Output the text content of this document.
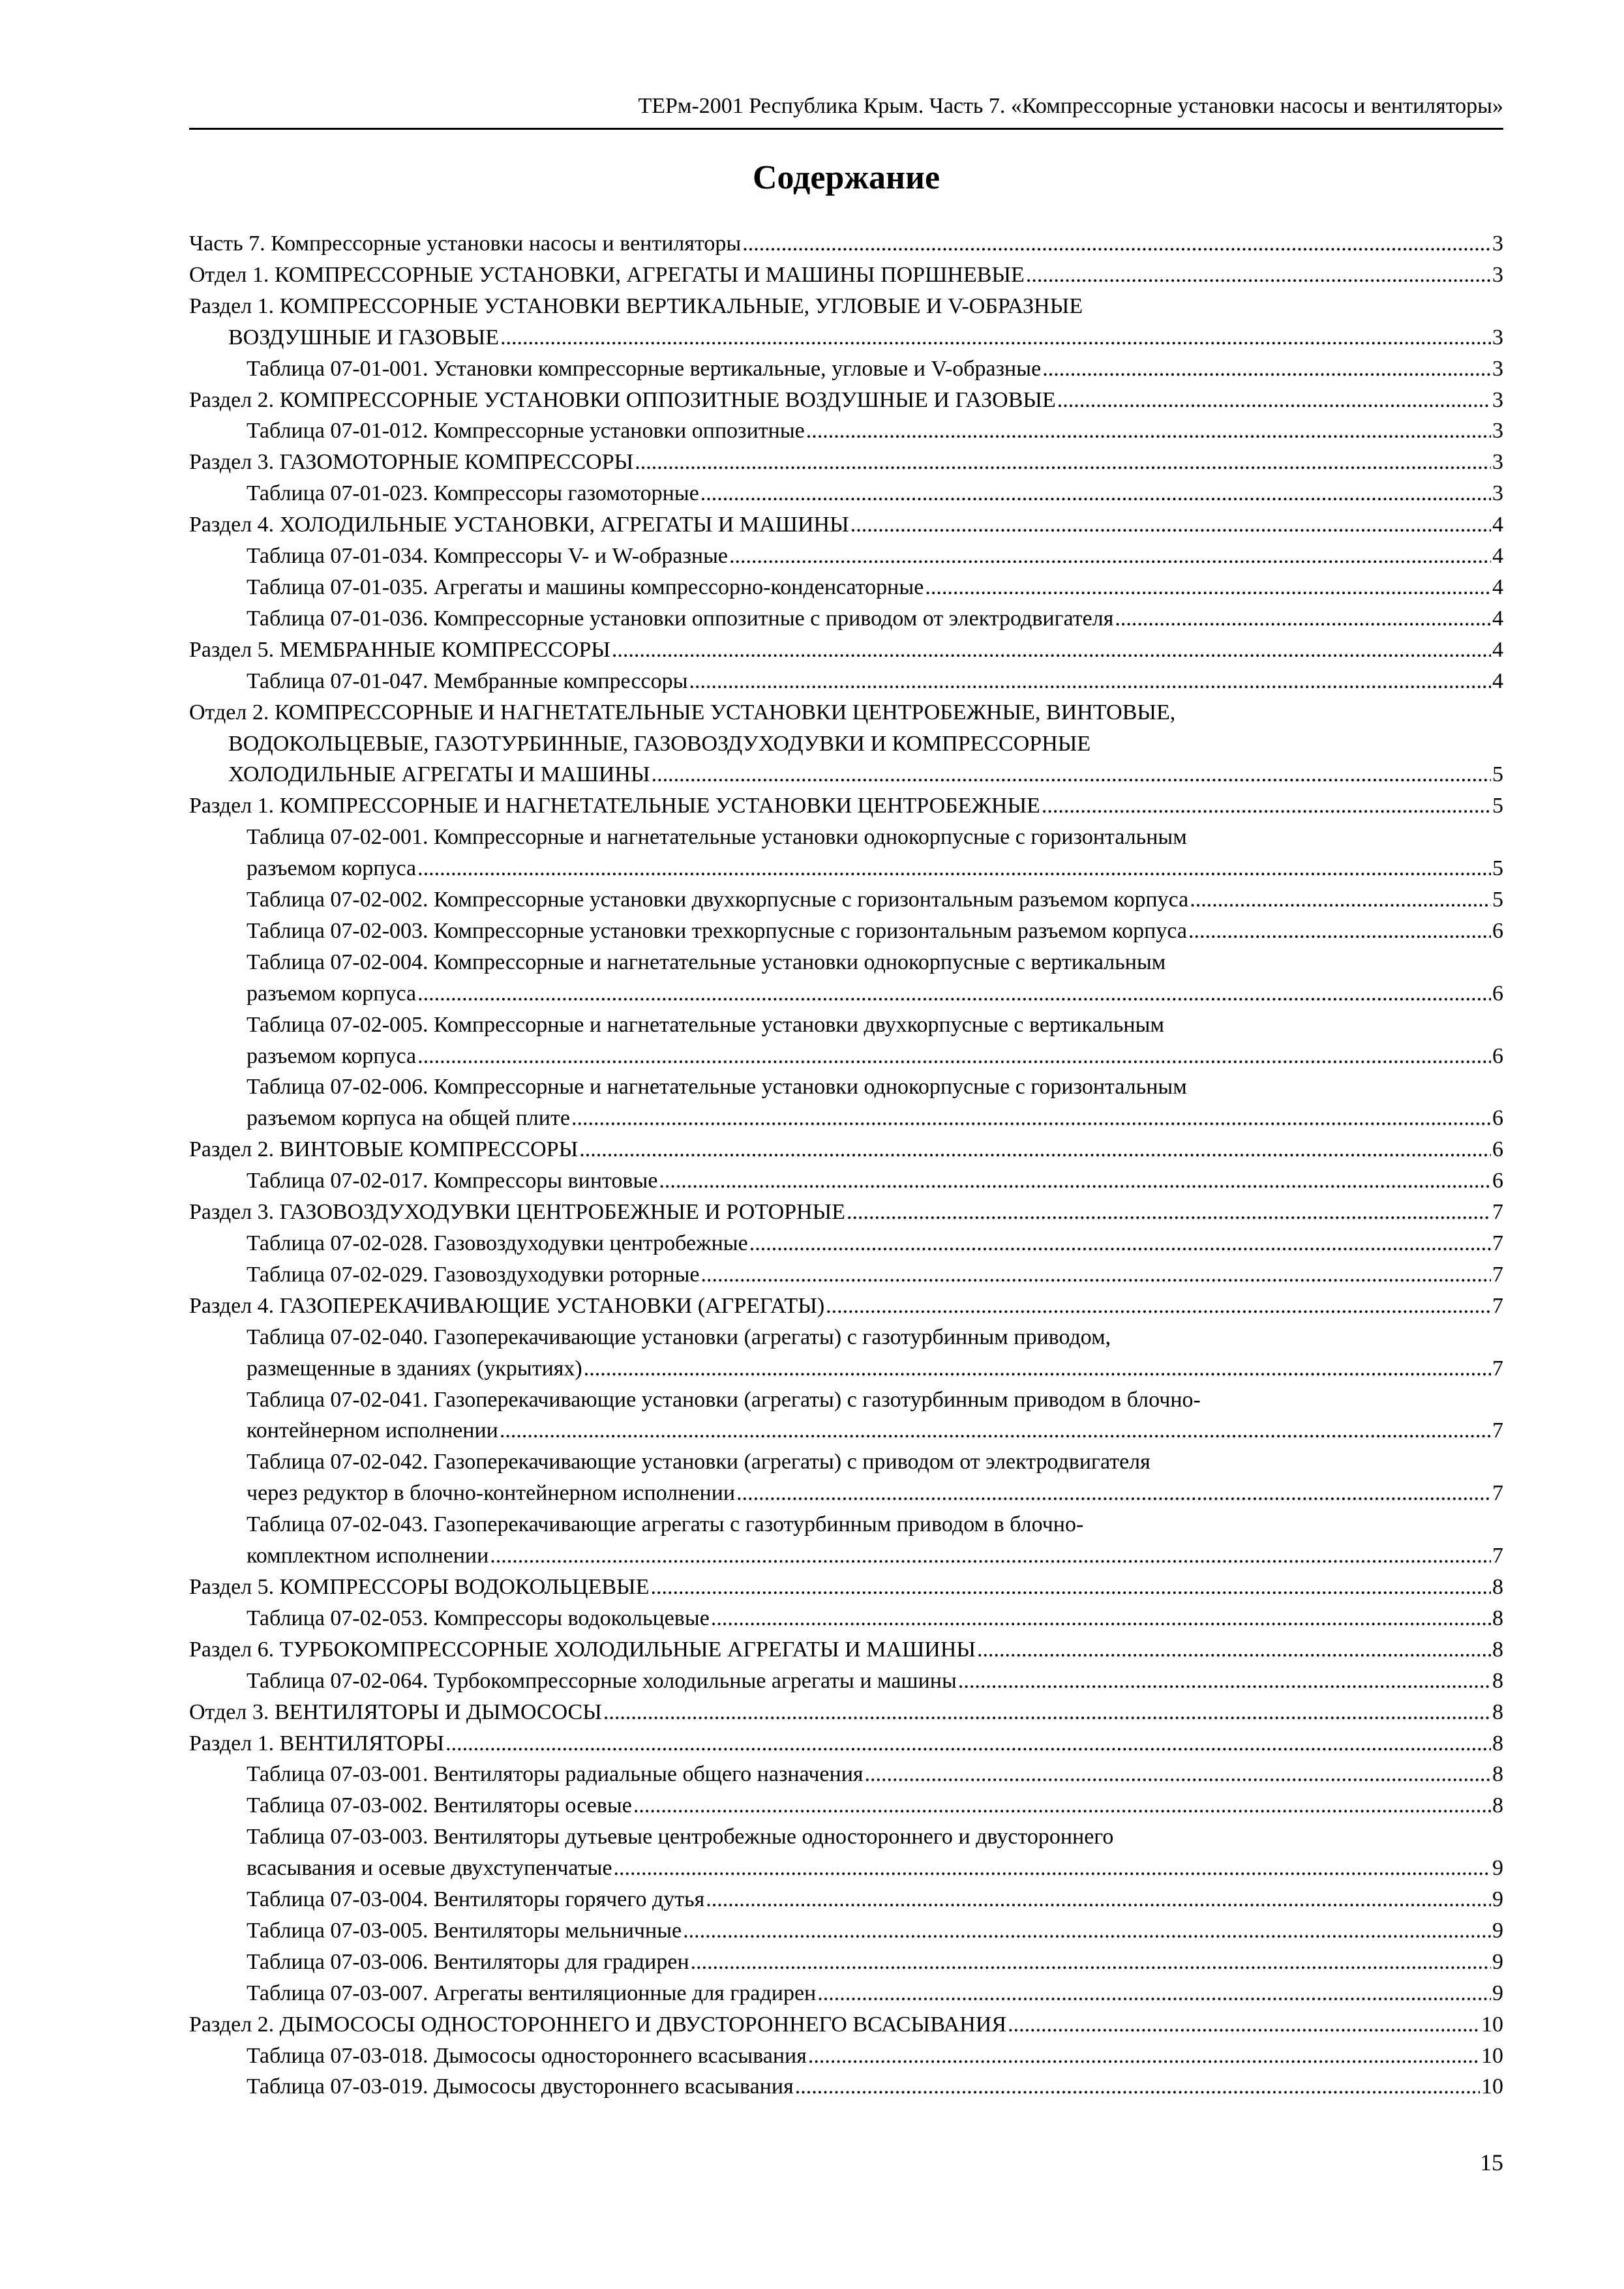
ТЕРм-2001 Республика Крым. Часть 7. «Компрессорные установки насосы и вентиляторы»
Содержание
Часть 7. Компрессорные установки насосы и вентиляторы .....	3
Отдел 1. КОМПРЕССОРНЫЕ УСТАНОВКИ, АГРЕГАТЫ И МАШИНЫ ПОРШНЕВЫЕ .....	3
Раздел 1. КОМПРЕССОРНЫЕ УСТАНОВКИ ВЕРТИКАЛЬНЫЕ, УГЛОВЫЕ И V-ОБРАЗНЫЕ
ВОЗДУШНЫЕ И ГАЗОВЫЕ .....	3
Таблица 07-01-001. Установки компрессорные вертикальные, угловые и V-образные .....	3
Раздел 2. КОМПРЕССОРНЫЕ УСТАНОВКИ ОППОЗИТНЫЕ ВОЗДУШНЫЕ И ГАЗОВЫЕ .....	3
Таблица 07-01-012. Компрессорные установки оппозитные .....	3
Раздел 3. ГАЗОМОТОРНЫЕ КОМПРЕССОРЫ .....	3
Таблица 07-01-023. Компрессоры газомоторные .....	3
Раздел 4. ХОЛОДИЛЬНЫЕ УСТАНОВКИ, АГРЕГАТЫ И МАШИНЫ .....	4
Таблица 07-01-034. Компрессоры V- и W-образные .....	4
Таблица 07-01-035. Агрегаты и машины компрессорно-конденсаторные .....	4
Таблица 07-01-036. Компрессорные установки оппозитные с приводом от электродвигателя .....	4
Раздел 5. МЕМБРАННЫЕ КОМПРЕССОРЫ .....	4
Таблица 07-01-047. Мембранные компрессоры .....	4
Отдел 2. КОМПРЕССОРНЫЕ И НАГНЕТАТЕЛЬНЫЕ УСТАНОВКИ ЦЕНТРОБЕЖНЫЕ, ВИНТОВЫЕ,
ВОДОКОЛЬЦЕВЫЕ, ГАЗОТУРБИННЫЕ, ГАЗОВОЗДУХОДУВКИ И КОМПРЕССОРНЫЕ
ХОЛОДИЛЬНЫЕ АГРЕГАТЫ И МАШИНЫ .....	5
Раздел 1. КОМПРЕССОРНЫЕ И НАГНЕТАТЕЛЬНЫЕ УСТАНОВКИ ЦЕНТРОБЕЖНЫЕ .....	5
Таблица 07-02-001. Компрессорные и нагнетательные установки однокорпусные с горизонтальным
разъемом корпуса .....	5
Таблица 07-02-002. Компрессорные установки двухкорпусные с горизонтальным разъемом корпуса .....	5
Таблица 07-02-003. Компрессорные установки трехкорпусные с горизонтальным разъемом корпуса .....	6
Таблица 07-02-004. Компрессорные и нагнетательные установки однокорпусные с вертикальным
разъемом корпуса .....	6
Таблица 07-02-005. Компрессорные и нагнетательные установки двухкорпусные с вертикальным
разъемом корпуса .....	6
Таблица 07-02-006. Компрессорные и нагнетательные установки однокорпусные с горизонтальным
разъемом корпуса на общей плите .....	6
Раздел 2. ВИНТОВЫЕ КОМПРЕССОРЫ .....	6
Таблица 07-02-017. Компрессоры винтовые .....	6
Раздел 3. ГАЗОВОЗДУХОДУВКИ ЦЕНТРОБЕЖНЫЕ И РОТОРНЫЕ .....	7
Таблица 07-02-028. Газовоздуходувки центробежные .....	7
Таблица 07-02-029. Газовоздуходувки роторные .....	7
Раздел 4. ГАЗОПЕРЕКАЧИВАЮЩИЕ УСТАНОВКИ (АГРЕГАТЫ) .....	7
Таблица 07-02-040. Газоперекачивающие установки (агрегаты) с газотурбинным приводом,
размещенные в зданиях (укрытиях) .....	7
Таблица 07-02-041. Газоперекачивающие установки (агрегаты) с газотурбинным приводом в блочно-
контейнерном исполнении .....	7
Таблица 07-02-042. Газоперекачивающие установки (агрегаты) с приводом от электродвигателя
через редуктор в блочно-контейнерном исполнении .....	7
Таблица 07-02-043. Газоперекачивающие агрегаты с газотурбинным приводом в блочно-
комплектном исполнении .....	7
Раздел 5. КОМПРЕССОРЫ ВОДОКОЛЬЦЕВЫЕ .....	8
Таблица 07-02-053. Компрессоры водокольцевые .....	8
Раздел 6. ТУРБОКОМПРЕССОРНЫЕ ХОЛОДИЛЬНЫЕ АГРЕГАТЫ И МАШИНЫ .....	8
Таблица 07-02-064. Турбокомпрессорные холодильные агрегаты и машины .....	8
Отдел 3. ВЕНТИЛЯТОРЫ И ДЫМОСОСЫ .....	8
Раздел 1. ВЕНТИЛЯТОРЫ .....	8
Таблица 07-03-001. Вентиляторы радиальные общего назначения .....	8
Таблица 07-03-002. Вентиляторы осевые .....	8
Таблица 07-03-003. Вентиляторы дутьевые центробежные одностороннего и двустороннего
всасывания и осевые двухступенчатые .....	9
Таблица 07-03-004. Вентиляторы горячего дутья .....	9
Таблица 07-03-005. Вентиляторы мельничные .....	9
Таблица 07-03-006. Вентиляторы для градирен .....	9
Таблица 07-03-007. Агрегаты вентиляционные для градирен .....	9
Раздел 2. ДЫМОСОСЫ ОДНОСТОРОННЕГО И ДВУСТОРОННЕГО ВСАСЫВАНИЯ .....	10
Таблица 07-03-018. Дымососы одностороннего всасывания .....	10
Таблица 07-03-019. Дымососы двустороннего всасывания .....	10
15
